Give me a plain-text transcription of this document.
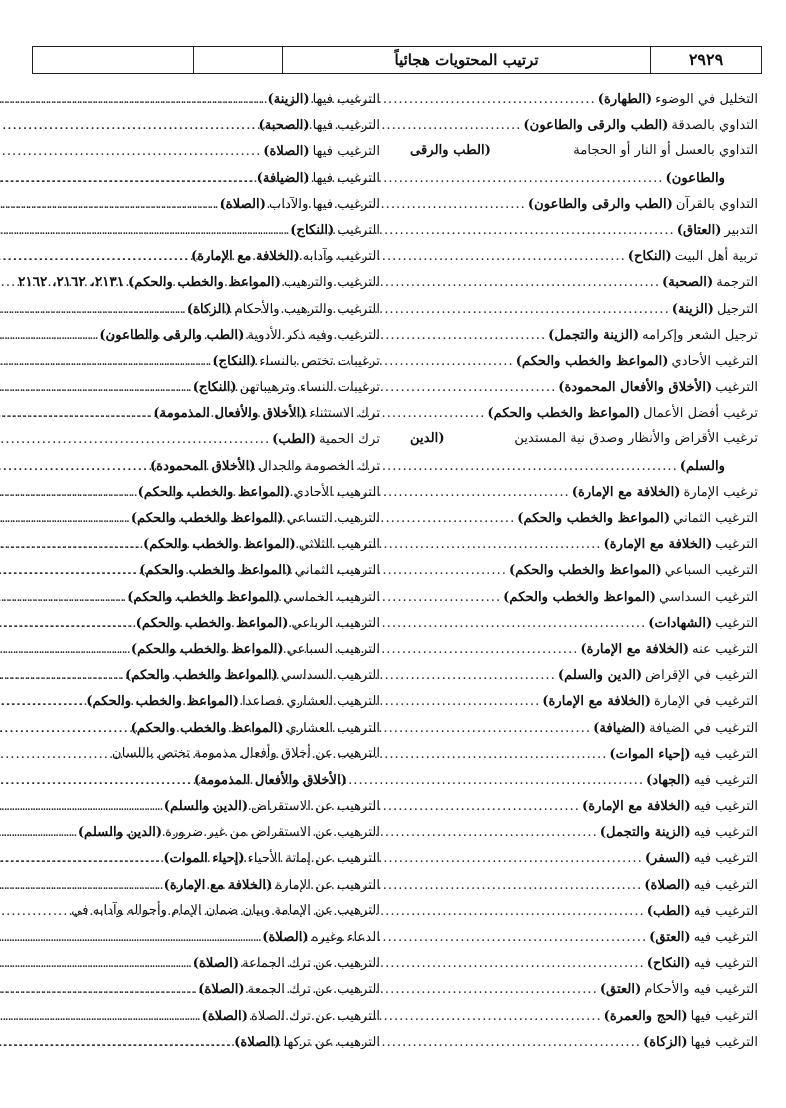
٢٩٢٩
ترتيب المحتويات هجائياً
التخليل في الوضوء
(الطهارة)
.....
التداوي بالصدقة
(الطب والرقى والطاعون)
.....
التداوي بالعسل أو النار أو الحجامة
(الطب والرقى
والطاعون)
.....
التداوي بالقرآن
(الطب والرقى والطاعون)
.....
التدبير
(العتاق)
.....
تربية أهل البيت
(النكاح)
.....
الترجمة
(الصحبة)
.....
الترجيل
(الزينة)
.....
ترجيل الشعر وإكرامه
(الزينة والتجمل)
.....
الترغيب الأحادي
(المواعظ والخطب والحكم)
.....
الترغيب
(الأخلاق والأفعال المحمودة)
.....
ترغيب أفضل الأعمال
(المواعظ والخطب والحكم)
.....
ترغيب الأقراض والأنظار وصدق نية المستدين
(الدين
والسلم)
.....
ترغيب الإمارة
(الخلافة مع الإمارة)
.....
الترغيب الثماني
(المواعظ والخطب والحكم)
.....
الترغيب
(الخلافة مع الإمارة)
.....
الترغيب السباعي
(المواعظ والخطب والحكم)
.....
الترغيب السداسي
(المواعظ والخطب والحكم)
.....
الترغيب
(الشهادات)
.....
الترغيب عنه
(الخلافة مع الإمارة)
.....
الترغيب في الإقراض
(الدين والسلم)
.....
الترغيب في الإمارة
(الخلافة مع الإمارة)
.....
الترغيب في الضيافة
(الضيافة)
.....
الترغيب فيه
(إحياء الموات)
.....
الترغيب فيه
(الجهاد)
.....
الترغيب فيه
(الخلافة مع الإمارة)
.....
الترغيب فيه
(الزينة والتجمل)
.....
الترغيب فيه
(السفر)
.....
الترغيب فيه
(الصلاة)
.....
الترغيب فيه
(الطب)
.....
الترغيب فيه
(العتق)
.....
الترغيب فيه
(النكاح)
.....
الترغيب فيه والأحكام
(العتق)
.....
الترغيب فيها
(الحج والعمرة)
.....
الترغيب فيها
(الزكاة)
.....
الترغيب فيها
(الزينة)
.....
الترغيب فيها
(الصحبة)
.....
الترغيب فيها
(الصلاة)
.....
الترغيب فيها
(الضيافة)
.....
الترغيب فيها والآداب
(الصلاة)
.....
الترغيب
(النكاح)
.....
الترغيب وآدابه
(الخلافة مع الإمارة)
.....
الترغيب والترهيب
(المواعظ والخطب والحكم)
٢١٣١، ٢١٦٢، ٢١٦٢
الترغيب والترهيب والأحكام
(الزكاة)
.....
الترغيب وفيه ذكر الأدوية
(الطب والرقى والطاعون)
.....
ترغيبات تختص بالنساء
(النكاح)
.....
ترغيبات النساء وترهيباتهن
(النكاح)
.....
ترك الاستثناء
(الأخلاق والأفعال المذمومة)
.....
ترك الحمية
(الطب)
.....
ترك الخصومة والجدال
(الأخلاق المحمودة)
.....
الترهيب الأحادي
(المواعظ والخطب والحكم)
.....
الترهيب التساعي
(المواعظ والخطب والحكم)
.....
الترهيب الثلاثي
(المواعظ والخطب والحكم)
.....
الترهيب الثماني
(المواعظ والخطب والحكم)
.....
الترهيب الخماسي
(المواعظ والخطب والحكم)
.....
الترهيب الرباعي
(المواعظ والخطب والحكم)
.....
الترهيب السباعي
(المواعظ والخطب والحكم)
.....
الترهيب السداسي
(المواعظ والخطب والحكم)
.....
الترهيب العشاري فصاعدا
(المواعظ والخطب والحكم)
.....
الترهيب العشاري
(المواعظ والخطب والحكم)
.....
الترهيب عن أخلاق وأفعال مذمومة تختص باللسان
(الأخلاق والأفعال المذمومة)
.....
الترهيب عن الاستقراض
(الدين والسلم)
.....
الترهيب عن الاستقراض من غير ضرورة
(الدين والسلم)
.....
الترهيب عن إماتة الأحياء
(إحياء الموات)
.....
الترهيب عن الإمارة
(الخلافة مع الإمارة)
.....
الترهيب عن الإمامة وبيان ضمان الإمام وأحواله وآدابه في
الدعاء وغيره
(الصلاة)
.....
الترهيب عن ترك الجماعة
(الصلاة)
.....
الترهيب عن ترك الجمعة
(الصلاة)
.....
الترهيب عن ترك الصلاة
(الصلاة)
.....
الترهيب عن تركها
(الصلاة)
.....
